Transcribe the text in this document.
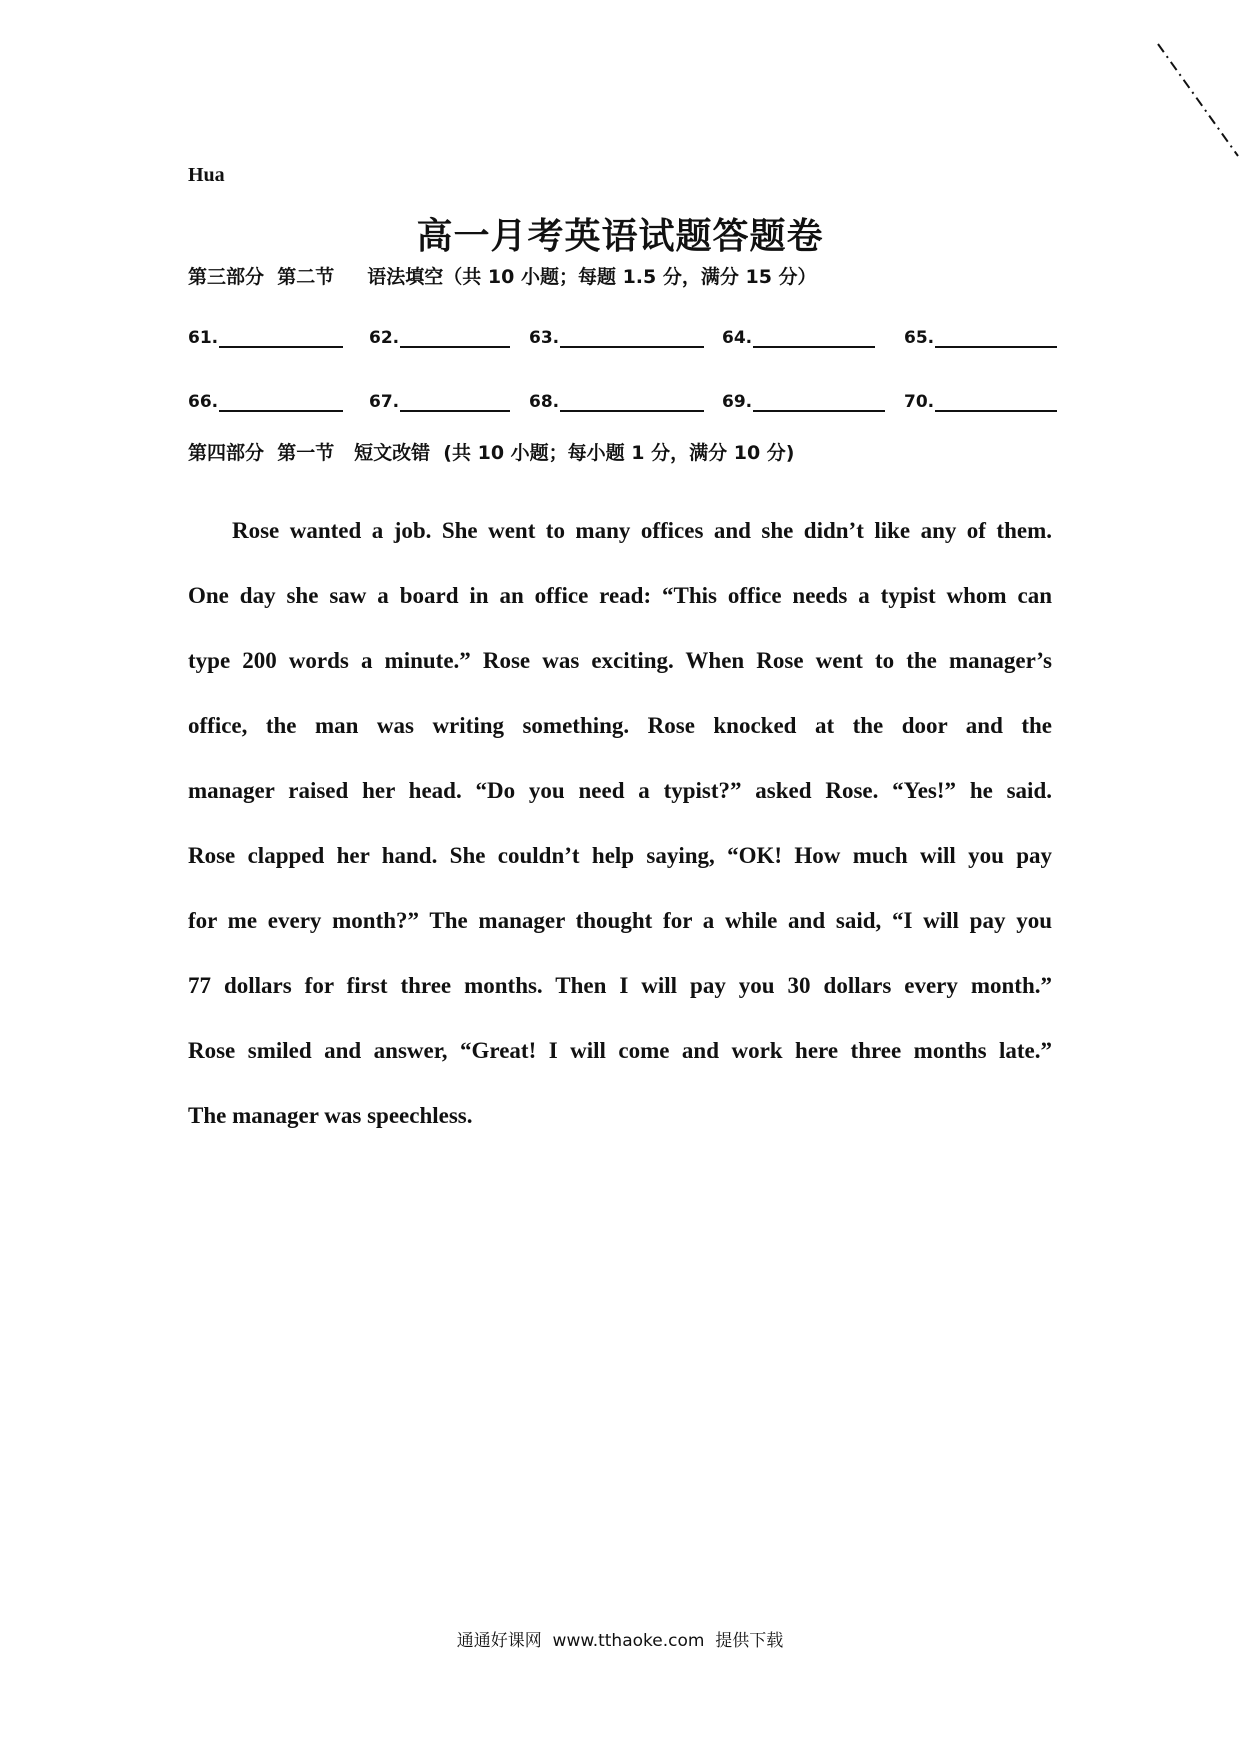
Hua
高一月考英语试题答题卷
第三部分  第二节     语法填空（共 10 小题；每题 1.5 分，满分 15 分）
61.	62.	63.	64.	65.
66.	67.	68.	69.	70.
第四部分  第一节   短文改错  (共 10 小题；每小题 1 分，满分 10 分)
Rose wanted a job. She went to many offices and she didn’t like any of them.
One day she saw a board in an office read: “This office needs a typist whom can
type 200 words a minute.” Rose was exciting. When Rose went to the manager’s
office, the man was writing something. Rose knocked at the door and the
manager raised her head. “Do you need a typist?” asked Rose. “Yes!” he said.
Rose clapped her hand. She couldn’t help saying, “OK! How much will you pay
for me every month?” The manager thought for a while and said, “I will pay you
77 dollars for first three months. Then I will pay you 30 dollars every month.”
Rose smiled and answer, “Great! I will come and work here three months late.”
The manager was speechless.
通通好课网  www.tthaoke.com  提供下载
